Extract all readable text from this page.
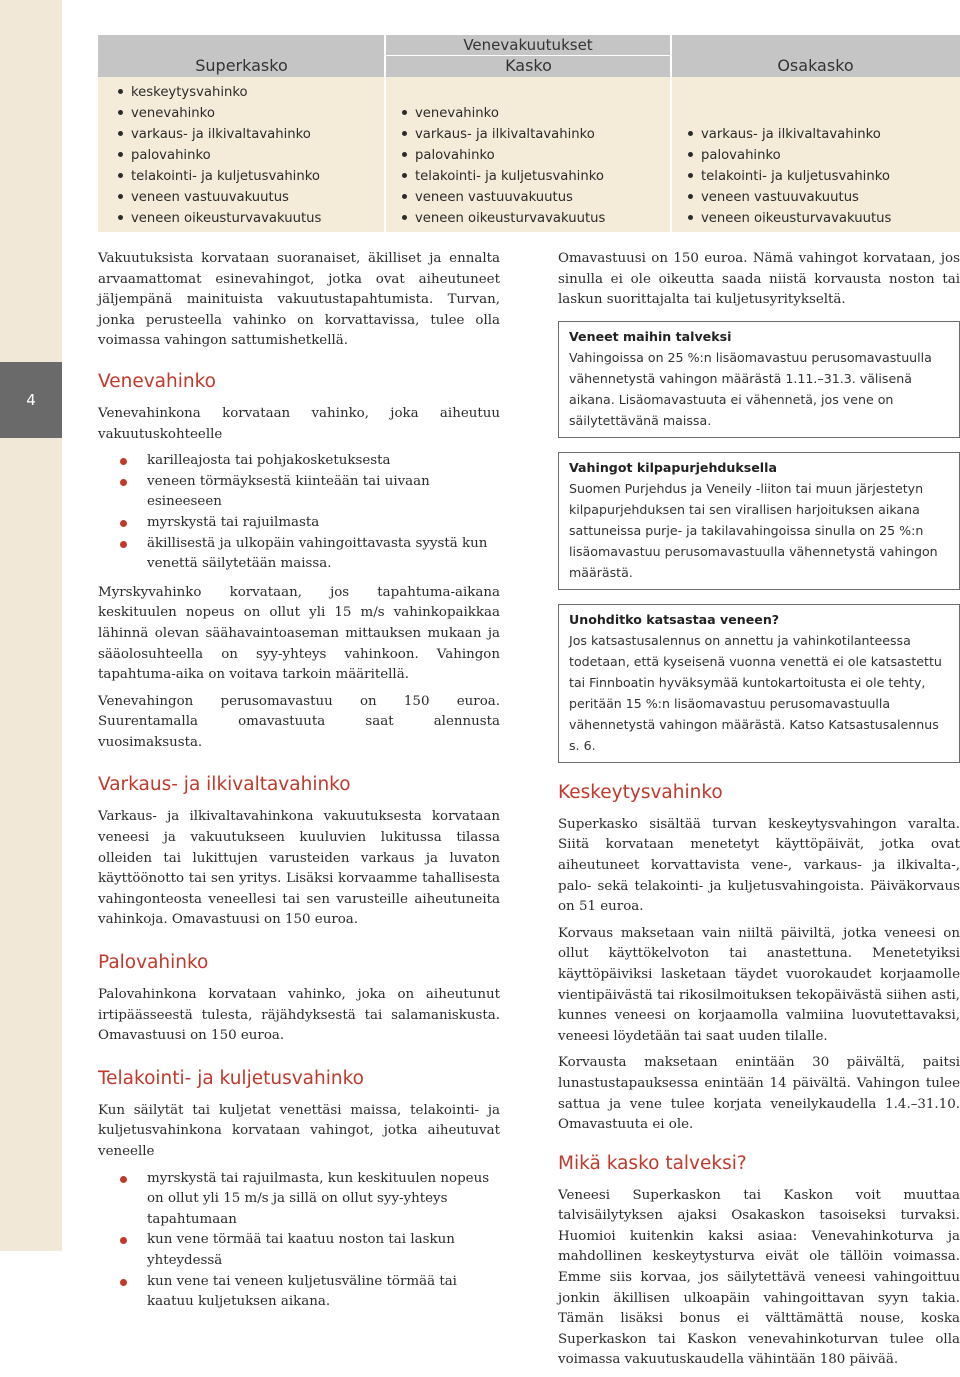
4
Venevakuutukset
Superkasko	Kasko	Osakasko
keskeytysvahinko
venevahinko
varkaus- ja ilkivaltavahinko
palovahinko
telakointi- ja kuljetusvahinko
veneen vastuuvakuutus
veneen oikeusturvavakuutus
venevahinko
varkaus- ja ilkivaltavahinko
palovahinko
telakointi- ja kuljetusvahinko
veneen vastuuvakuutus
veneen oikeusturvavakuutus
varkaus- ja ilkivaltavahinko
palovahinko
telakointi- ja kuljetusvahinko
veneen vastuuvakuutus
veneen oikeusturvavakuutus

Vakuutuksista korvataan suoranaiset, äkilliset ja ennalta arvaamattomat esinevahingot, jotka ovat aiheutuneet jäljempänä mainituista vakuutustapahtumista. Turvan, jonka perusteella vahinko on korvattavissa, tulee olla voimassa vahingon sattumishetkellä.

Venevahinko

Venevahinkona korvataan vahinko, joka aiheutuu vakuutuskohteelle

karilleajosta tai pohjakosketuksesta
veneen törmäyksestä kiinteään tai uivaan esineeseen
myrskystä tai rajuilmasta
äkillisestä ja ulkopäin vahingoittavasta syystä kun venettä säilytetään maissa.

Myrskyvahinko korvataan, jos tapahtuma-aikana keskituulen nopeus on ollut yli 15 m/s vahinkopaikkaa lähinnä olevan säähavaintoaseman mittauksen mukaan ja sääolosuhteella on syy-yhteys vahinkoon. Vahingon tapahtuma-aika on voitava tarkoin määritellä.

Venevahingon perusomavastuu on 150 euroa. Suurentamalla omavastuuta saat alennusta vuosimaksusta.

Varkaus- ja ilkivaltavahinko

Varkaus- ja ilkivaltavahinkona vakuutuksesta korvataan veneesi ja vakuutukseen kuuluvien lukitussa tilassa olleiden tai lukittujen varusteiden varkaus ja luvaton käyttöönotto tai sen yritys. Lisäksi korvaamme tahallisesta vahingonteosta veneellesi tai sen varusteille aiheutuneita vahinkoja. Omavastuusi on 150 euroa.

Palovahinko

Palovahinkona korvataan vahinko, joka on aiheutunut irtipäässeestä tulesta, räjähdyksestä tai salamaniskusta. Omavastuusi on 150 euroa.

Telakointi- ja kuljetusvahinko

Kun säilytät tai kuljetat venettäsi maissa, telakointi- ja kuljetusvahinkona korvataan vahingot, jotka aiheutuvat veneelle

myrskystä tai rajuilmasta, kun keskituulen nopeus on ollut yli 15 m/s ja sillä on ollut syy-yhteys tapahtumaan
kun vene törmää tai kaatuu noston tai laskun yhteydessä
kun vene tai veneen kuljetusväline törmää tai kaatuu kuljetuksen aikana.

Omavastuusi on 150 euroa. Nämä vahingot korvataan, jos sinulla ei ole oikeutta saada niistä korvausta noston tai laskun suorittajalta tai kuljetusyritykseltä.

Veneet maihin talveksi
Vahingoissa on 25 %:n lisäomavastuu perusomavastuulla vähennetystä vahingon määrästä 1.11.–31.3. välisenä aikana. Lisäomavastuuta ei vähennetä, jos vene on säilytettävänä maissa.
Vahingot kilpapurjehduksella
Suomen Purjehdus ja Veneily -liiton tai muun järjestetyn kilpapurjehduksen tai sen virallisen harjoituksen aikana sattuneissa purje- ja takilavahingoissa sinulla on 25 %:n lisäomavastuu perusomavastuulla vähennetystä vahingon määrästä.
Unohditko katsastaa veneen?
Jos katsastusalennus on annettu ja vahinkotilanteessa todetaan, että kyseisenä vuonna venettä ei ole katsastettu tai Finnboatin hyväksymää kuntokartoitusta ei ole tehty, peritään 15 %:n lisäomavastuu perusomavastuulla vähennetystä vahingon määrästä. Katso Katsastusalennus s. 6.
Keskeytysvahinko

Superkasko sisältää turvan keskeytysvahingon varalta. Siitä korvataan menetetyt käyttöpäivät, jotka ovat aiheutuneet korvattavista vene-, varkaus- ja ilkivalta-, palo- sekä telakointi- ja kuljetusvahingoista. Päiväkorvaus on 51 euroa.

Korvaus maksetaan vain niiltä päiviltä, jotka veneesi on ollut käyttökelvoton tai anastettuna. Menetetyiksi käyttöpäiviksi lasketaan täydet vuorokaudet korjaamolle vientipäivästä tai rikosilmoituksen tekopäivästä siihen asti, kunnes veneesi on korjaamolla valmiina luovutettavaksi, veneesi löydetään tai saat uuden tilalle.

Korvausta maksetaan enintään 30 päivältä, paitsi lunastustapauksessa enintään 14 päivältä. Vahingon tulee sattua ja vene tulee korjata veneilykaudella 1.4.–31.10. Omavastuuta ei ole.

Mikä kasko talveksi?

Veneesi Superkaskon tai Kaskon voit muuttaa talvisäilytyksen ajaksi Osakaskon tasoiseksi turvaksi. Huomioi kuitenkin kaksi asiaa: Venevahinkoturva ja mahdollinen keskeytysturva eivät ole tällöin voimassa. Emme siis korvaa, jos säilytettävä veneesi vahingoittuu jonkin äkillisen ulkoapäin vahingoittavan syyn takia. Tämän lisäksi bonus ei välttämättä nouse, koska Superkaskon tai Kaskon venevahinkoturvan tulee olla voimassa vakuutuskaudella vähintään 180 päivää.
